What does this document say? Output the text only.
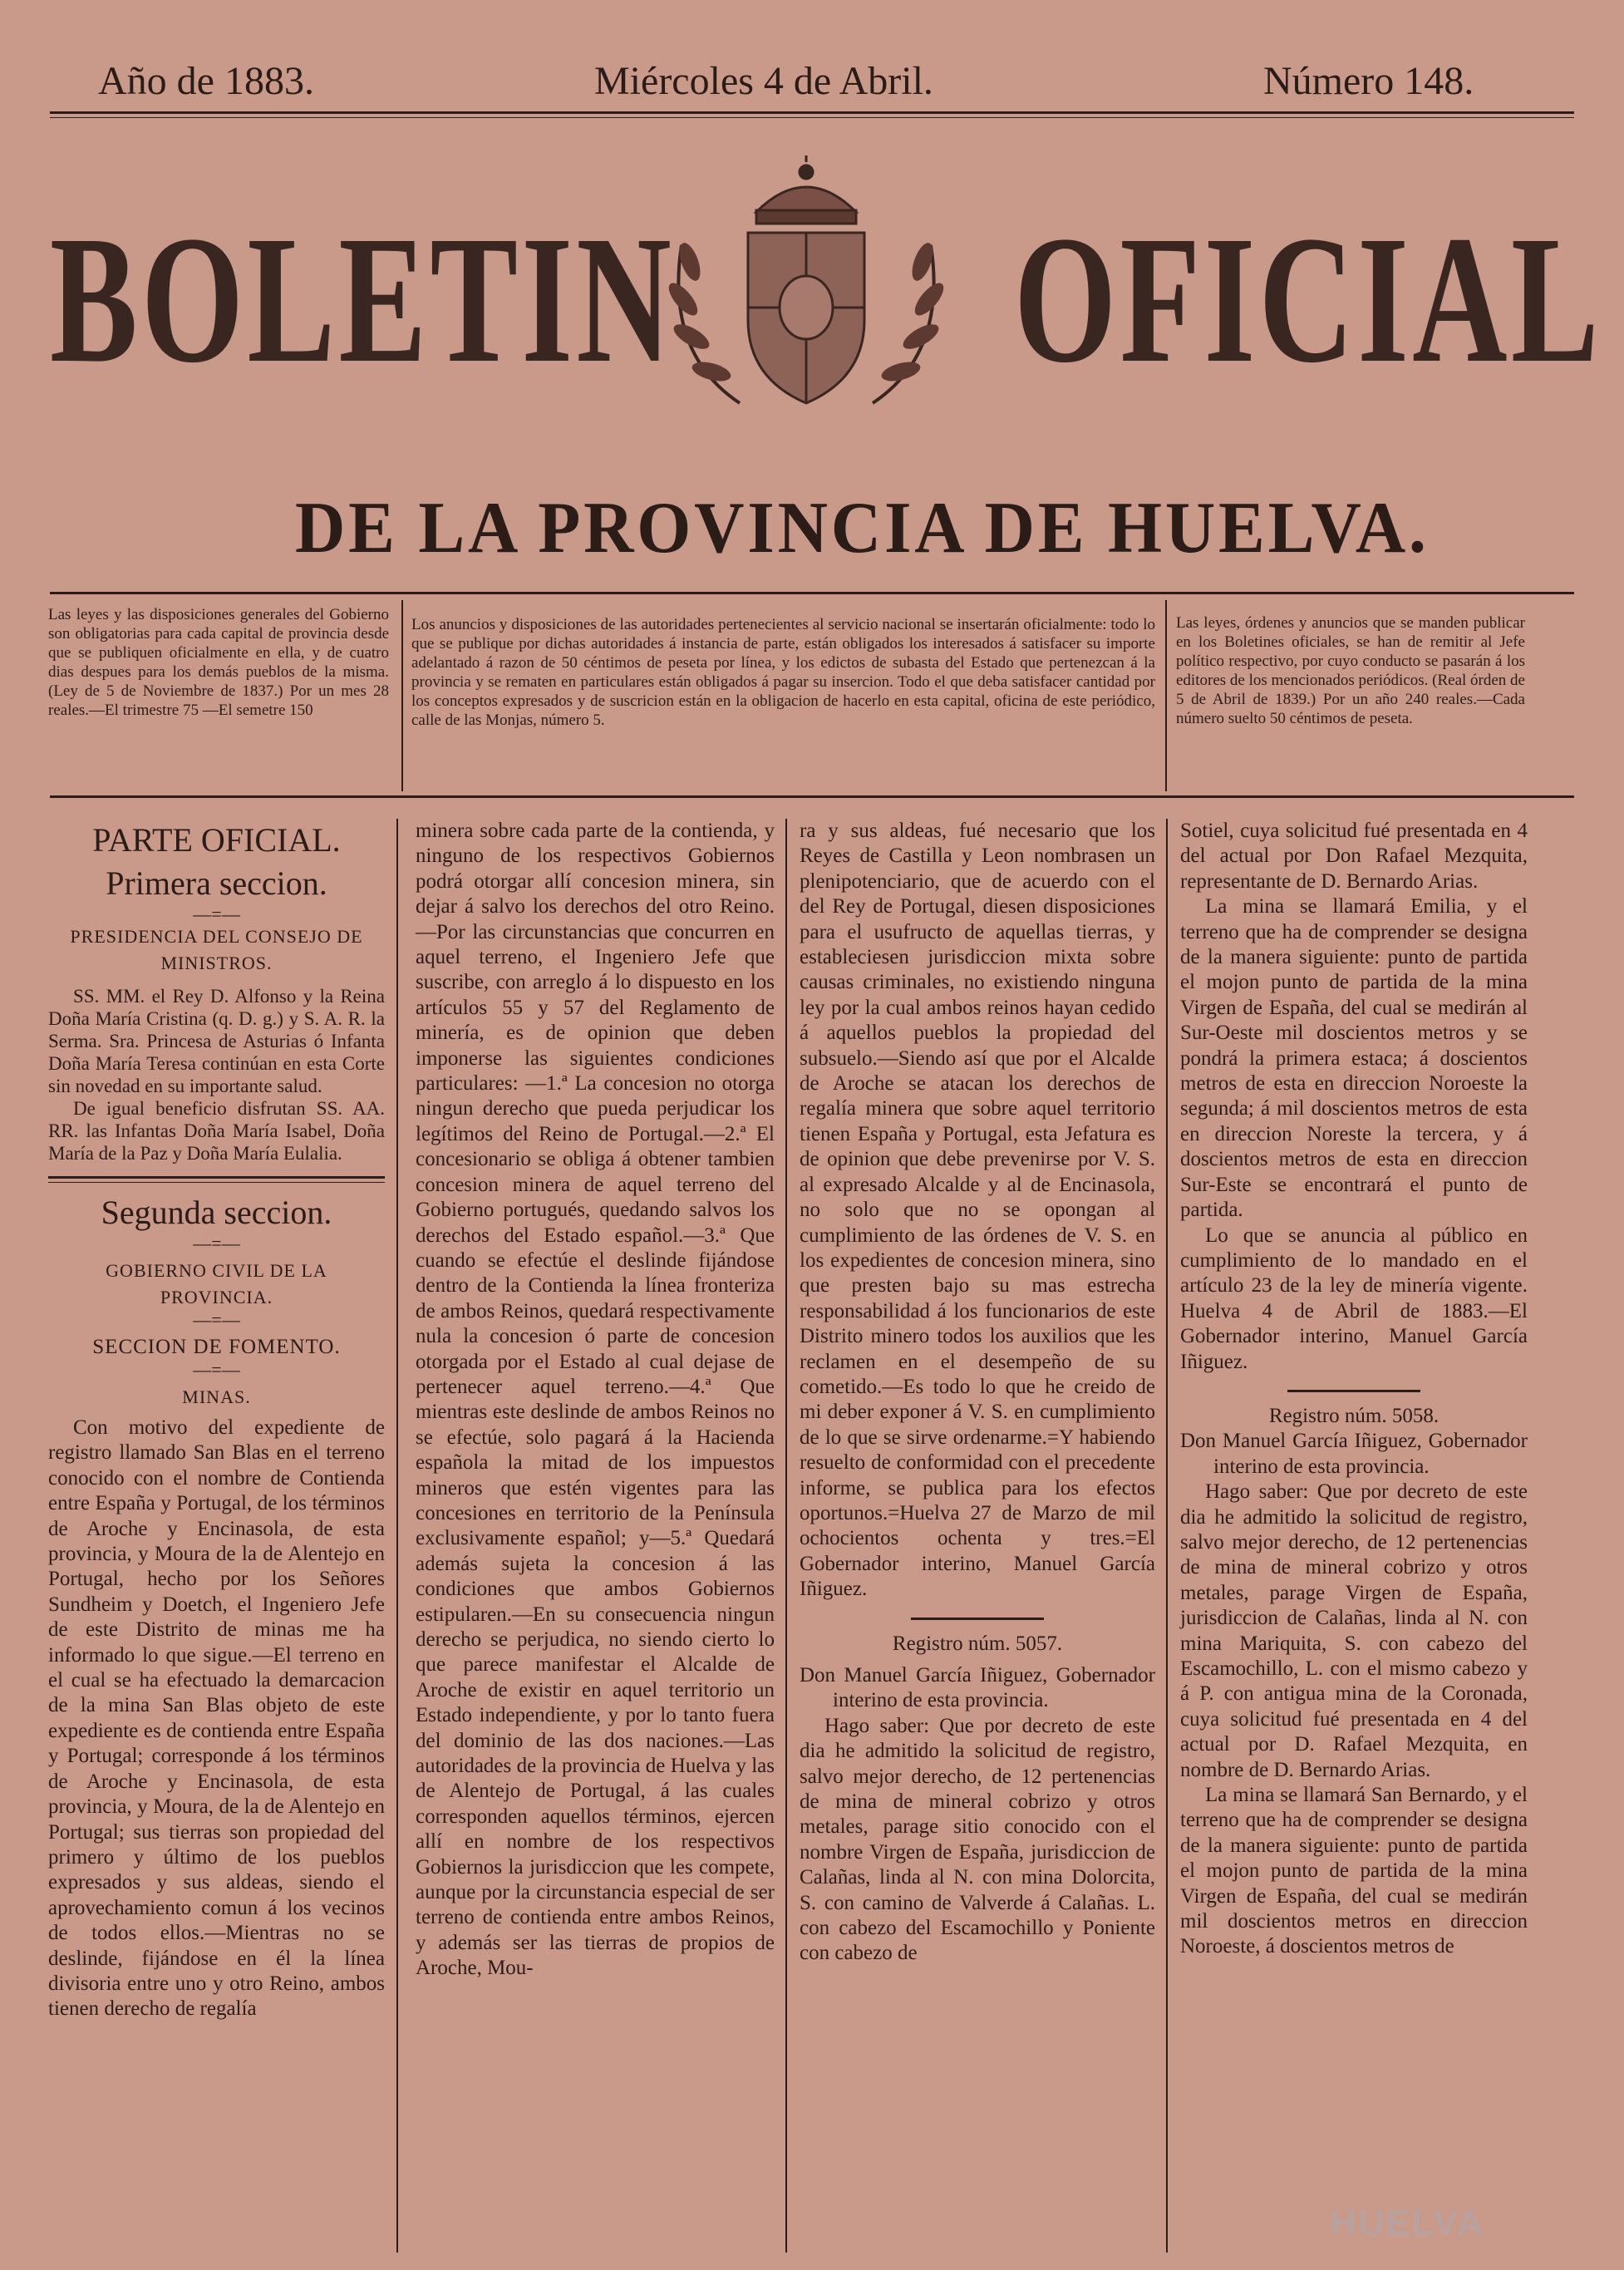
Año de 1883.	Miércoles 4 de Abril.	Número 148.
BOLETIN OFICIAL
DE LA PROVINCIA DE HUELVA.
Las leyes y las disposiciones generales del Gobierno son obligatorias para cada capital de provincia desde que se publiquen oficialmente en ella, y de cuatro dias despues para los demás pueblos de la misma. (Ley de 5 de Noviembre de 1837.) Por un mes 28 reales.—El trimestre 75 —El semetre 150
Los anuncios y disposiciones de las autoridades pertenecientes al servicio nacional se insertarán oficialmente: todo lo que se publique por dichas autoridades á instancia de parte, están obligados los interesados á satisfacer su importe adelantado á razon de 50 céntimos de peseta por línea, y los edictos de subasta del Estado que pertenezcan á la provincia y se rematen en particulares están obligados á pagar su insercion. Todo el que deba satisfacer cantidad por los conceptos expresados y de suscricion están en la obligacion de hacerlo en esta capital, oficina de este periódico, calle de las Monjas, número 5.
Las leyes, órdenes y anuncios que se manden publicar en los Boletines oficiales, se han de remitir al Jefe político respectivo, por cuyo conducto se pasarán á los editores de los mencionados periódicos. (Real órden de 5 de Abril de 1839.) Por un año 240 reales.—Cada número suelto 50 céntimos de peseta.
PARTE OFICIAL.
Primera seccion.
—=—
PRESIDENCIA DEL CONSEJO DE MINISTROS.

SS. MM. el Rey D. Alfonso y la Reina Doña María Cristina (q. D. g.) y S. A. R. la Serma. Sra. Princesa de Asturias ó Infanta Doña María Teresa continúan en esta Corte sin novedad en su importante salud.

De igual beneficio disfrutan SS. AA. RR. las Infantas Doña María Isabel, Doña María de la Paz y Doña María Eulalia.

Segunda seccion.
—=—
GOBIERNO CIVIL DE LA PROVINCIA.
—=—
SECCION DE FOMENTO.
—=—
MINAS.

Con motivo del expediente de registro llamado San Blas en el terreno conocido con el nombre de Contienda entre España y Portugal, de los términos de Aroche y Encinasola, de esta provincia, y Moura de la de Alentejo en Portugal, hecho por los Señores Sundheim y Doetch, el Ingeniero Jefe de este Distrito de minas me ha informado lo que sigue.—El terreno en el cual se ha efectuado la demarcacion de la mina San Blas objeto de este expediente es de contienda entre España y Portugal; corresponde á los términos de Aroche y Encinasola, de esta provincia, y Moura, de la de Alentejo en Portugal; sus tierras son propiedad del primero y último de los pueblos expresados y sus aldeas, siendo el aprovechamiento comun á los vecinos de todos ellos.—Mientras no se deslinde, fijándose en él la línea divisoria entre uno y otro Reino, ambos tienen derecho de regalía

minera sobre cada parte de la contienda, y ninguno de los respectivos Gobiernos podrá otorgar allí concesion minera, sin dejar á salvo los derechos del otro Reino.—Por las circunstancias que concurren en aquel terreno, el Ingeniero Jefe que suscribe, con arreglo á lo dispuesto en los artículos 55 y 57 del Reglamento de minería, es de opinion que deben imponerse las siguientes condiciones particulares: —1.ª La concesion no otorga ningun derecho que pueda perjudicar los legítimos del Reino de Portugal.—2.ª El concesionario se obliga á obtener tambien concesion minera de aquel terreno del Gobierno portugués, quedando salvos los derechos del Estado español.—3.ª Que cuando se efectúe el deslinde fijándose dentro de la Contienda la línea fronteriza de ambos Reinos, quedará respectivamente nula la concesion ó parte de concesion otorgada por el Estado al cual dejase de pertenecer aquel terreno.—4.ª Que mientras este deslinde de ambos Reinos no se efectúe, solo pagará á la Hacienda española la mitad de los impuestos mineros que estén vigentes para las concesiones en territorio de la Península exclusivamente español; y—5.ª Quedará además sujeta la concesion á las condiciones que ambos Gobiernos estipularen.—En su consecuencia ningun derecho se perjudica, no siendo cierto lo que parece manifestar el Alcalde de Aroche de existir en aquel territorio un Estado independiente, y por lo tanto fuera del dominio de las dos naciones.—Las autoridades de la provincia de Huelva y las de Alentejo de Portugal, á las cuales corresponden aquellos términos, ejercen allí en nombre de los respectivos Gobiernos la jurisdiccion que les compete, aunque por la circunstancia especial de ser terreno de contienda entre ambos Reinos, y además ser las tierras de propios de Aroche, Mou-

ra y sus aldeas, fué necesario que los Reyes de Castilla y Leon nombrasen un plenipotenciario, que de acuerdo con el del Rey de Portugal, diesen disposiciones para el usufructo de aquellas tierras, y estableciesen jurisdiccion mixta sobre causas criminales, no existiendo ninguna ley por la cual ambos reinos hayan cedido á aquellos pueblos la propiedad del subsuelo.—Siendo así que por el Alcalde de Aroche se atacan los derechos de regalía minera que sobre aquel territorio tienen España y Portugal, esta Jefatura es de opinion que debe prevenirse por V. S. al expresado Alcalde y al de Encinasola, no solo que no se opongan al cumplimiento de las órdenes de V. S. en los expedientes de concesion minera, sino que presten bajo su mas estrecha responsabilidad á los funcionarios de este Distrito minero todos los auxilios que les reclamen en el desempeño de su cometido.—Es todo lo que he creido de mi deber exponer á V. S. en cumplimiento de lo que se sirve ordenarme.=Y habiendo resuelto de conformidad con el precedente informe, se publica para los efectos oportunos.=Huelva 27 de Marzo de mil ochocientos ochenta y tres.=El Gobernador interino, Manuel García Iñiguez.

Registro núm. 5057.

Don Manuel García Iñiguez, Gobernador interino de esta provincia.

Hago saber: Que por decreto de este dia he admitido la solicitud de registro, salvo mejor derecho, de 12 pertenencias de mina de mineral cobrizo y otros metales, parage sitio conocido con el nombre Virgen de España, jurisdiccion de Calañas, linda al N. con mina Dolorcita, S. con camino de Valverde á Calañas. L. con cabezo del Escamochillo y Poniente con cabezo de

Sotiel, cuya solicitud fué presentada en 4 del actual por Don Rafael Mezquita, representante de D. Bernardo Arias.

La mina se llamará Emilia, y el terreno que ha de comprender se designa de la manera siguiente: punto de partida el mojon punto de partida de la mina Virgen de España, del cual se medirán al Sur-Oeste mil doscientos metros y se pondrá la primera estaca; á doscientos metros de esta en direccion Noroeste la segunda; á mil doscientos metros de esta en direccion Noreste la tercera, y á doscientos metros de esta en direccion Sur-Este se encontrará el punto de partida.

Lo que se anuncia al público en cumplimiento de lo mandado en el artículo 23 de la ley de minería vigente. Huelva 4 de Abril de 1883.—El Gobernador interino, Manuel García Iñiguez.

Registro núm. 5058.

Don Manuel García Iñiguez, Gobernador interino de esta provincia.

Hago saber: Que por decreto de este dia he admitido la solicitud de registro, salvo mejor derecho, de 12 pertenencias de mina de mineral cobrizo y otros metales, parage Virgen de España, jurisdiccion de Calañas, linda al N. con mina Mariquita, S. con cabezo del Escamochillo, L. con el mismo cabezo y á P. con antigua mina de la Coronada, cuya solicitud fué presentada en 4 del actual por D. Rafael Mezquita, en nombre de D. Bernardo Arias.

La mina se llamará San Bernardo, y el terreno que ha de comprender se designa de la manera siguiente: punto de partida el mojon punto de partida de la mina Virgen de España, del cual se medirán mil doscientos metros en direccion Noroeste, á doscientos metros de

HUELVA
